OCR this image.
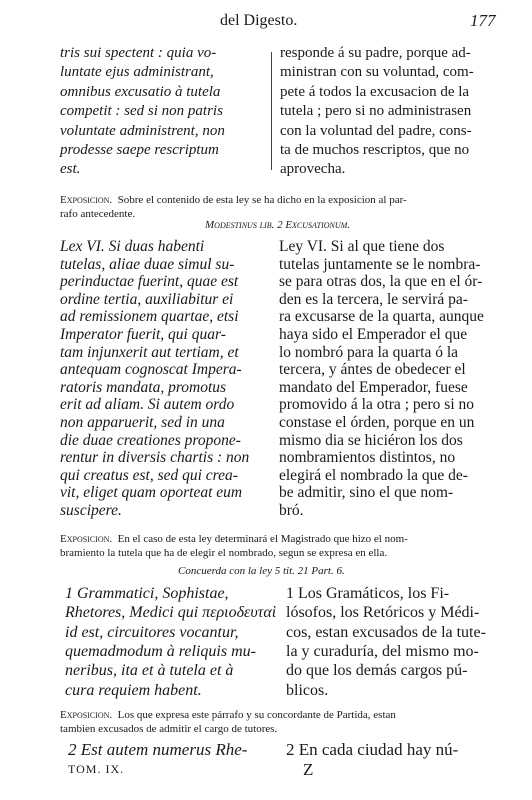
del Digesto.	177
tris sui spectent : quia vo-
luntate ejus administrant,
omnibus excusatio à tutela
competit : sed si non patris
voluntate administrent, non
prodesse saepe rescriptum
est.
responde á su padre, porque ad-
ministran con su voluntad, com-
pete á todos la excusacion de la
tutela ; pero si no administrasen
con la voluntad del padre, cons-
ta de muchos rescriptos, que no
aprovecha.
Exposicion. Sobre el contenido de esta ley se ha dicho en la exposicion al par-
rafo antecedente.
Modestinus lib. 2 Excusationum.
Lex VI. Si duas habenti
tutelas, aliae duae simul su-
perinductae fuerint, quae est
ordine tertia, auxiliabitur ei
ad remissionem quartae, etsi
Imperator fuerit, qui quar-
tam injunxerit aut tertiam, et
antequam cognoscat Impera-
ratoris mandata, promotus
erit ad aliam. Si autem ordo
non apparuerit, sed in una
die duae creationes propone-
rentur in diversis chartis : non
qui creatus est, sed qui crea-
vit, eliget quam oporteat eum
suscipere.
Ley VI. Si al que tiene dos
tutelas juntamente se le nombra-
se para otras dos, la que en el ór-
den es la tercera, le servirá pa-
ra excusarse de la quarta, aunque
haya sido el Emperador el que
lo nombró para la quarta ó la
tercera, y ántes de obedecer el
mandato del Emperador, fuese
promovido á la otra ; pero si no
constase el órden, porque en un
mismo dia se hiciéron los dos
nombramientos distintos, no
elegirá el nombrado la que de-
be admitir, sino el que nom-
bró.
Exposicion. En el caso de esta ley determinará el Magistrado que hizo el nom-
bramiento la tutela que ha de elegir el nombrado, segun se expresa en ella.
Concuerda con la ley 5 tit. 21 Part. 6.
1 Grammatici, Sophistae,
Rhetores, Medici qui περιοδευταὶ
id est, circuitores vocantur,
quemadmodum à reliquis mu-
neribus, ita et à tutela et à
cura requiem habent.
1 Los Gramáticos, los Fi-
lósofos, los Retóricos y Médi-
cos, estan excusados de la tute-
la y curaduría, del mismo mo-
do que los demás cargos pú-
blicos.
Exposicion. Los que expresa este párrafo y su concordante de Partida, estan
tambien excusados de admitir el cargo de tutores.
2 Est autem numerus Rhe- 2 En cada ciudad hay nú-
TOM. IX.	Z
